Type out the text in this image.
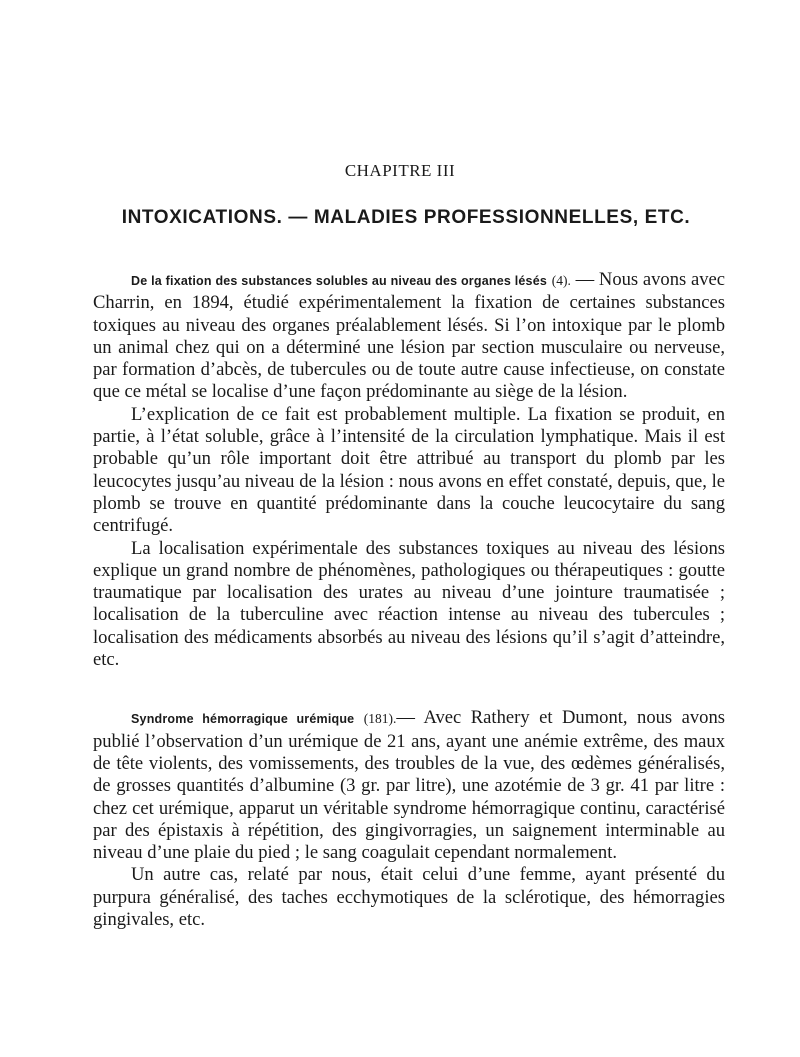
CHAPITRE III
INTOXICATIONS. — MALADIES PROFESSIONNELLES, ETC.

De la fixation des substances solubles au niveau des organes lésés (4). — Nous avons avec Charrin, en 1894, étudié expérimentalement la fixation de certaines substances toxiques au niveau des organes préalablement lésés. Si l’on intoxique par le plomb un animal chez qui on a déterminé une lésion par section musculaire ou nerveuse, par formation d’abcès, de tubercules ou de toute autre cause infectieuse, on constate que ce métal se localise d’une façon prédominante au siège de la lésion.

L’explication de ce fait est probablement multiple. La fixation se produit, en partie, à l’état soluble, grâce à l’intensité de la circulation lymphatique. Mais il est probable qu’un rôle important doit être attribué au transport du plomb par les leucocytes jusqu’au niveau de la lésion : nous avons en effet constaté, depuis, que, le plomb se trouve en quantité prédominante dans la couche leucocytaire du sang centrifugé.

La localisation expérimentale des substances toxiques au niveau des lésions explique un grand nombre de phénomènes, pathologiques ou thérapeutiques : goutte traumatique par localisation des urates au niveau d’une jointure traumatisée ; localisation de la tuberculine avec réaction intense au niveau des tubercules ; localisation des médicaments absorbés au niveau des lésions qu’il s’agit d’atteindre, etc.

Syndrome hémorragique urémique (181).— Avec Rathery et Dumont, nous avons publié l’observation d’un urémique de 21 ans, ayant une anémie extrême, des maux de tête violents, des vomissements, des troubles de la vue, des œdèmes généralisés, de grosses quantités d’albumine (3 gr. par litre), une azotémie de 3 gr. 41 par litre : chez cet urémique, apparut un véritable syndrome hémorragique continu, caractérisé par des épistaxis à répétition, des gingivorragies, un saignement interminable au niveau d’une plaie du pied ; le sang coagulait cependant normalement.

Un autre cas, relaté par nous, était celui d’une femme, ayant présenté du purpura généralisé, des taches ecchymotiques de la sclérotique, des hémorragies gingivales, etc.
